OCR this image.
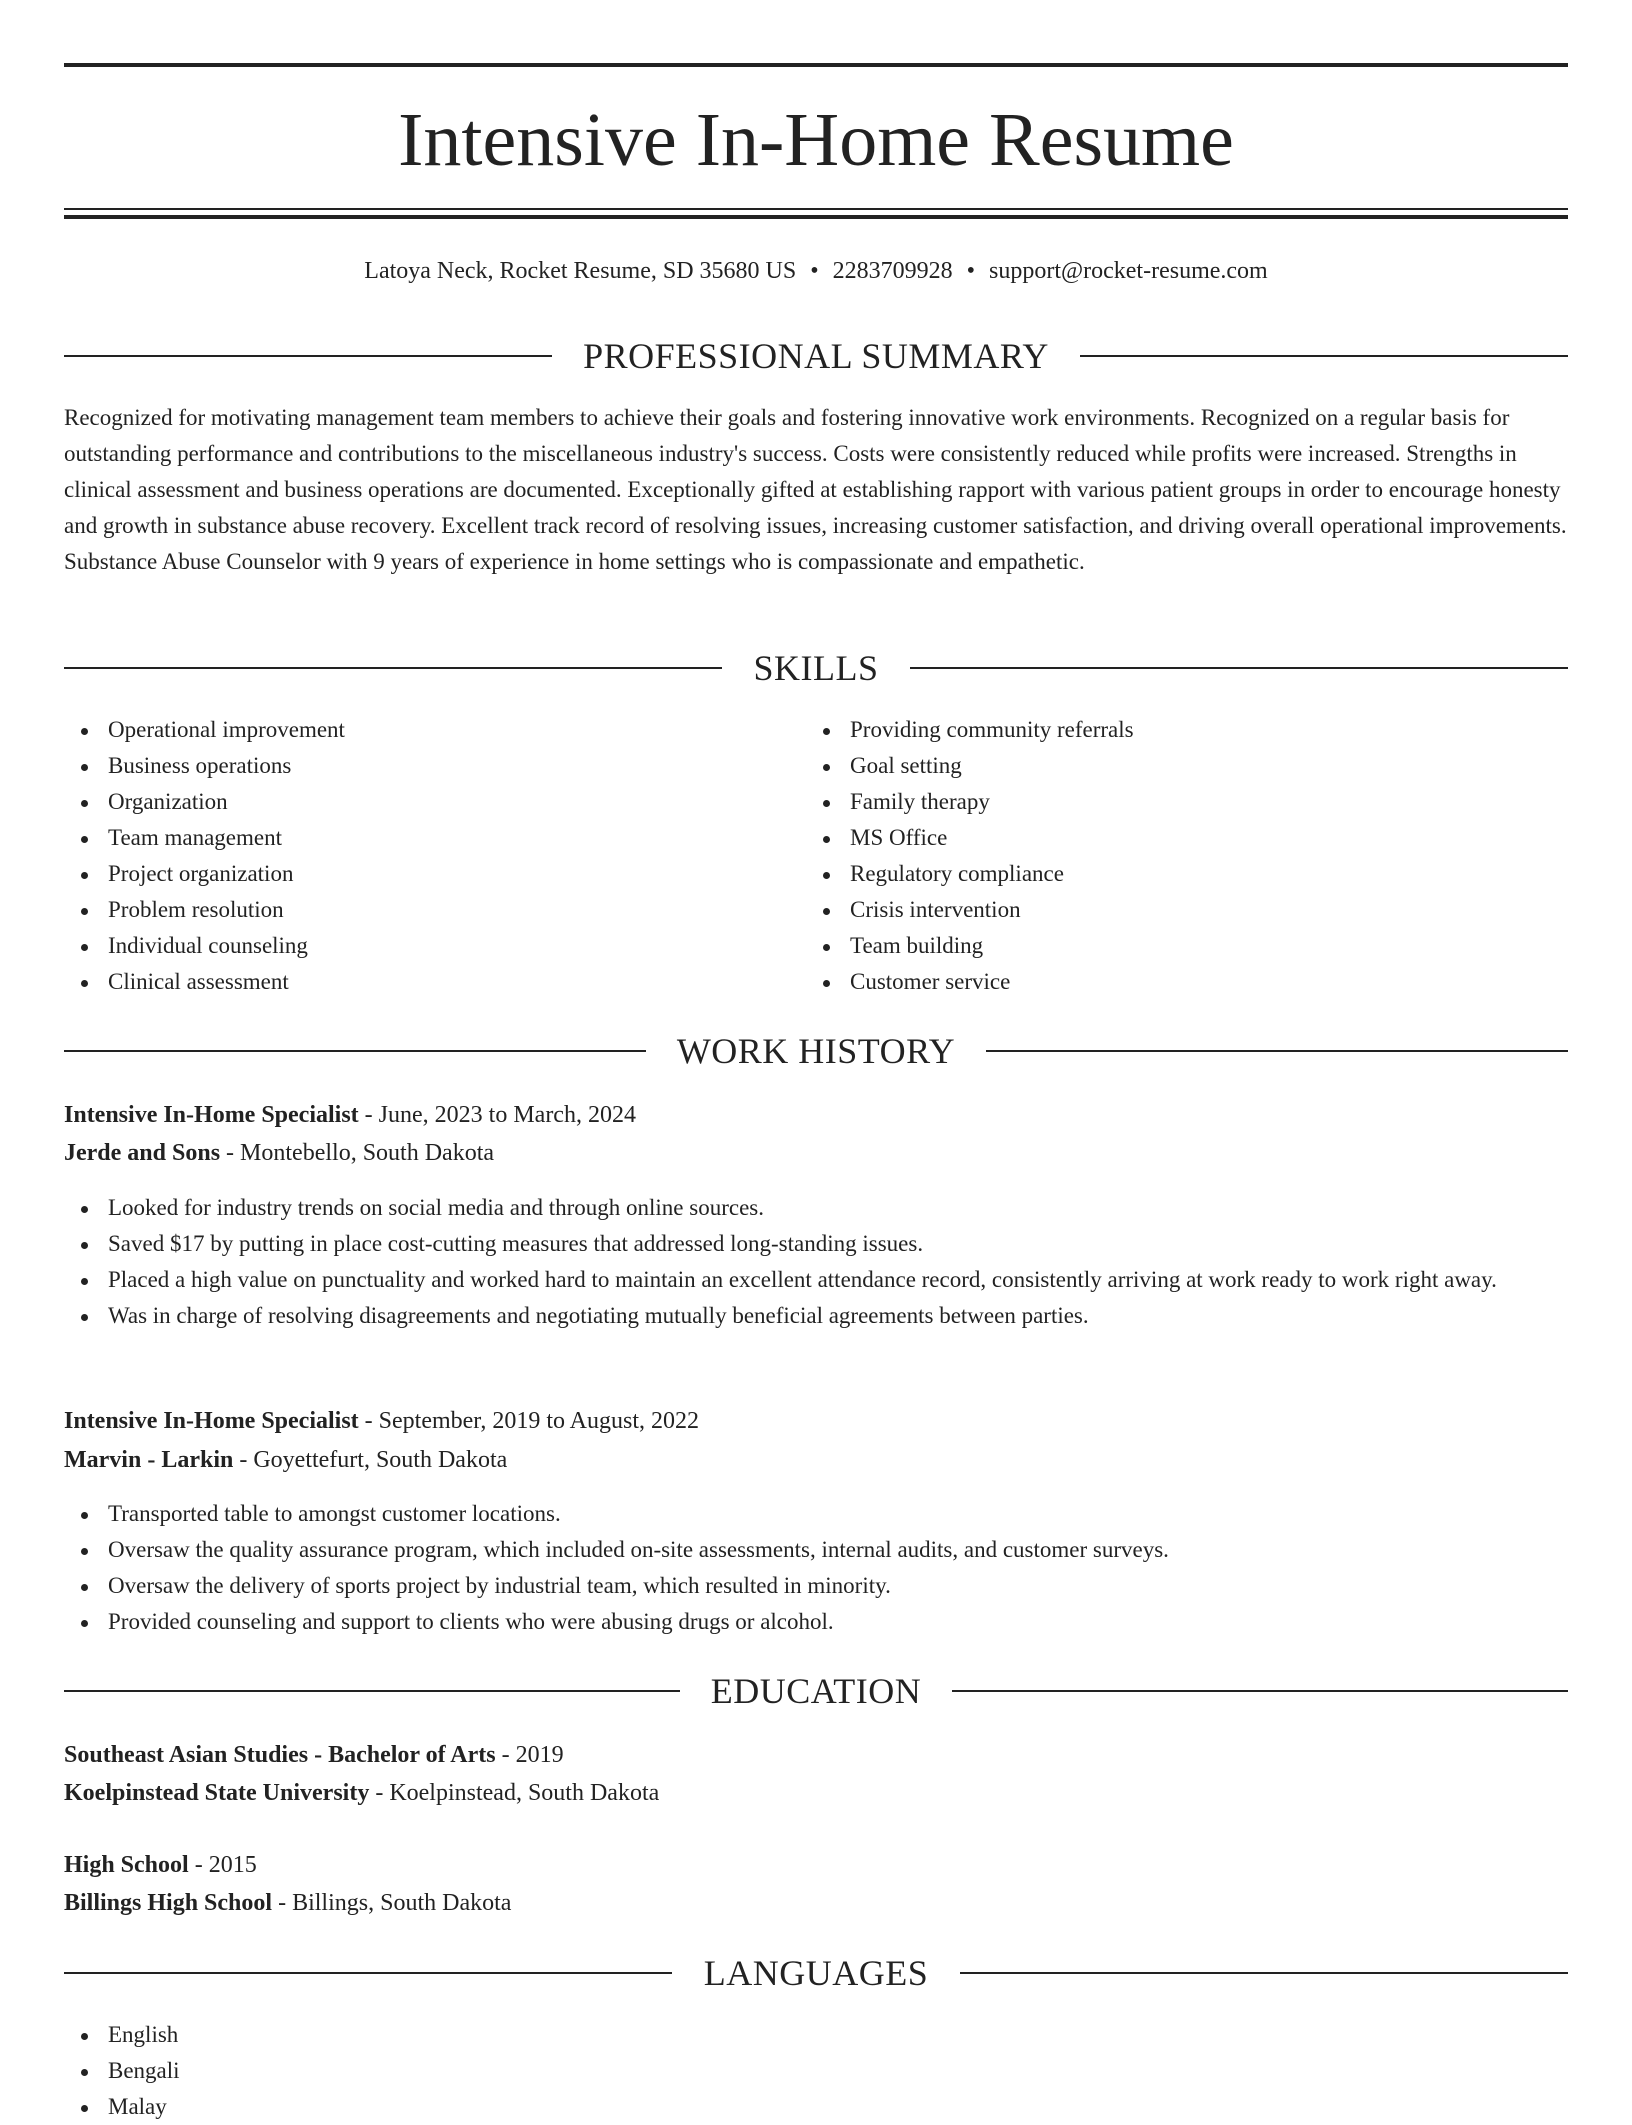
Intensive In-Home Resume
Latoya Neck, Rocket Resume, SD 35680 US • 2283709928 • support@rocket-resume.com
PROFESSIONAL SUMMARY

Recognized for motivating management team members to achieve their goals and fostering innovative work environments. Recognized on a regular basis for outstanding performance and contributions to the miscellaneous industry's success. Costs were consistently reduced while profits were increased. Strengths in clinical assessment and business operations are documented. Exceptionally gifted at establishing rapport with various patient groups in order to encourage honesty and growth in substance abuse recovery. Excellent track record of resolving issues, increasing customer satisfaction, and driving overall operational improvements. Substance Abuse Counselor with 9 years of experience in home settings who is compassionate and empathetic.

SKILLS
Operational improvement
Business operations
Organization
Team management
Project organization
Problem resolution
Individual counseling
Clinical assessment
Providing community referrals
Goal setting
Family therapy
MS Office
Regulatory compliance
Crisis intervention
Team building
Customer service
WORK HISTORY
Intensive In-Home Specialist - June, 2023 to March, 2024
Jerde and Sons - Montebello, South Dakota
Looked for industry trends on social media and through online sources.
Saved $17 by putting in place cost-cutting measures that addressed long-standing issues.
Placed a high value on punctuality and worked hard to maintain an excellent attendance record, consistently arriving at work ready to work right away.
Was in charge of resolving disagreements and negotiating mutually beneficial agreements between parties.
Intensive In-Home Specialist - September, 2019 to August, 2022
Marvin - Larkin - Goyettefurt, South Dakota
Transported table to amongst customer locations.
Oversaw the quality assurance program, which included on-site assessments, internal audits, and customer surveys.
Oversaw the delivery of sports project by industrial team, which resulted in minority.
Provided counseling and support to clients who were abusing drugs or alcohol.
EDUCATION
Southeast Asian Studies - Bachelor of Arts - 2019
Koelpinstead State University - Koelpinstead, South Dakota
High School - 2015
Billings High School - Billings, South Dakota
LANGUAGES
English
Bengali
Malay
